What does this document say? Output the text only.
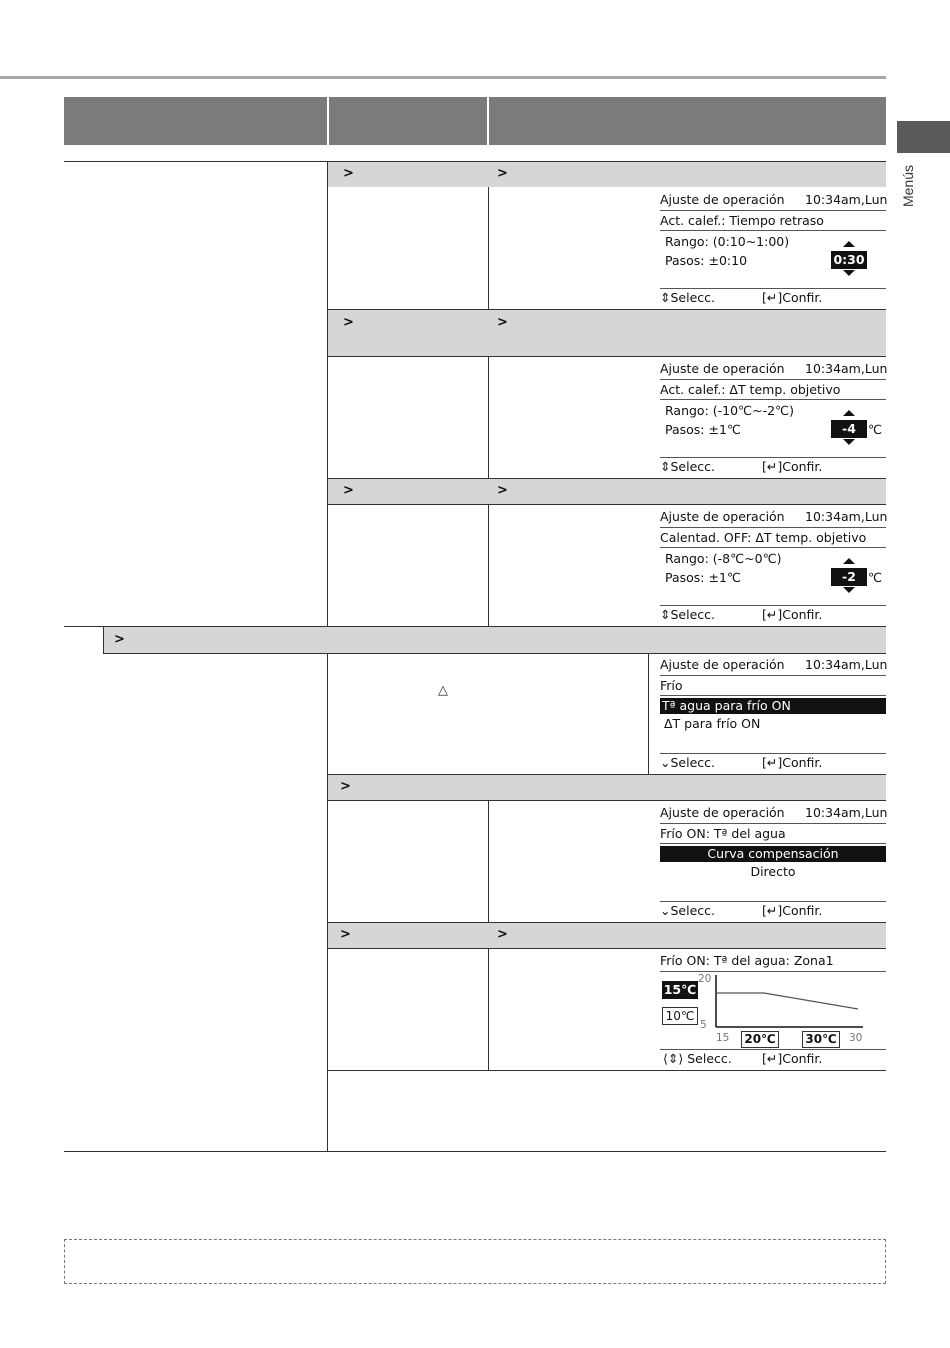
Menús
>	>
Ajuste de operación 10:34am,Lun
Act. calef.: Tiempo retraso
Rango: (0:10~1:00)
Pasos: ±0:10	0:30
⇕Selecc.	[↵]Confir.
>	>
Ajuste de operación 10:34am,Lun
Act. calef.: ΔT temp. objetivo
Rango: (-10℃~-2℃)
Pasos: ±1℃	-4 ℃
⇕Selecc.	[↵]Confir.
>	>
Ajuste de operación 10:34am,Lun
Calentad. OFF: ΔT temp. objetivo
Rango: (-8℃~0℃)
Pasos: ±1℃	-2 ℃
⇕Selecc.	[↵]Confir.
>
△
Ajuste de operación 10:34am,Lun
Frío
Tª agua para frío ON
ΔT para frío ON
⌄Selecc.	[↵]Confir.
>
Ajuste de operación 10:34am,Lun
Frío ON: Tª del agua
Curva compensación
Directo
⌄Selecc.	[↵]Confir.
>	>
Frío ON: Tª del agua: Zona1
20
5
15℃
10℃
15 20℃ 30℃	30
⟨⇕⟩ Selecc. [↵]Confir.
